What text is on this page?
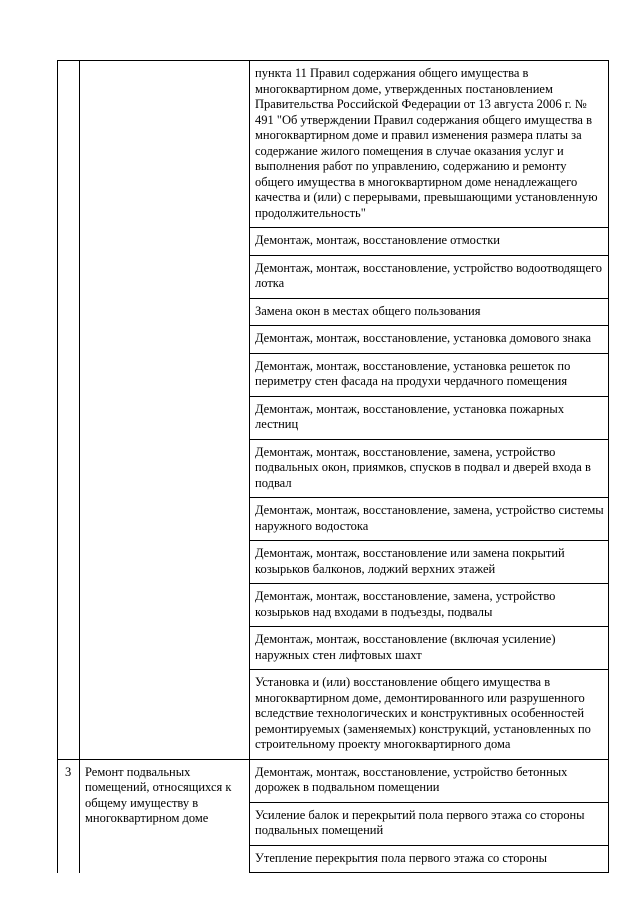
		пункта 11 Правил содержания общего имущества в многоквартирном доме, утвержденных постановлением Правительства Российской Федерации от 13 августа 2006 г. № 491 "Об утверждении Правил содержания общего имущества в многоквартирном доме и правил изменения размера платы за содержание жилого помещения в случае оказания услуг и выполнения работ по управлению, содержанию и ремонту общего имущества в многоквартирном доме ненадлежащего качества и (или) с перерывами, превышающими установленную продолжительность"
		Демонтаж, монтаж, восстановление отмостки
		Демонтаж, монтаж, восстановление, устройство водоотводящего лотка
		Замена окон в местах общего пользования
		Демонтаж, монтаж, восстановление, установка домового знака
		Демонтаж, монтаж, восстановление, установка решеток по периметру стен фасада на продухи чердачного помещения
		Демонтаж, монтаж, восстановление, установка пожарных лестниц
		Демонтаж, монтаж, восстановление, замена, устройство подвальных окон, приямков, спусков в подвал и дверей входа в подвал
		Демонтаж, монтаж, восстановление, замена, устройство системы наружного водостока
		Демонтаж, монтаж, восстановление или замена покрытий козырьков балконов, лоджий верхних этажей
		Демонтаж, монтаж, восстановление, замена, устройство козырьков над входами в подъезды, подвалы
		Демонтаж, монтаж, восстановление (включая усиление) наружных стен лифтовых шахт
		Установка и (или) восстановление общего имущества в многоквартирном доме, демонтированного или разрушенного вследствие технологических и конструктивных особенностей ремонтируемых (заменяемых) конструкций, установленных по строительному проекту многоквартирного дома
3	Ремонт подвальных помещений, относящихся к общему имуществу в многоквартирном доме	Демонтаж, монтаж, восстановление, устройство бетонных дорожек в подвальном помещении
		Усиление балок и перекрытий пола первого этажа со стороны подвальных помещений
		Утепление перекрытия пола первого этажа со стороны
